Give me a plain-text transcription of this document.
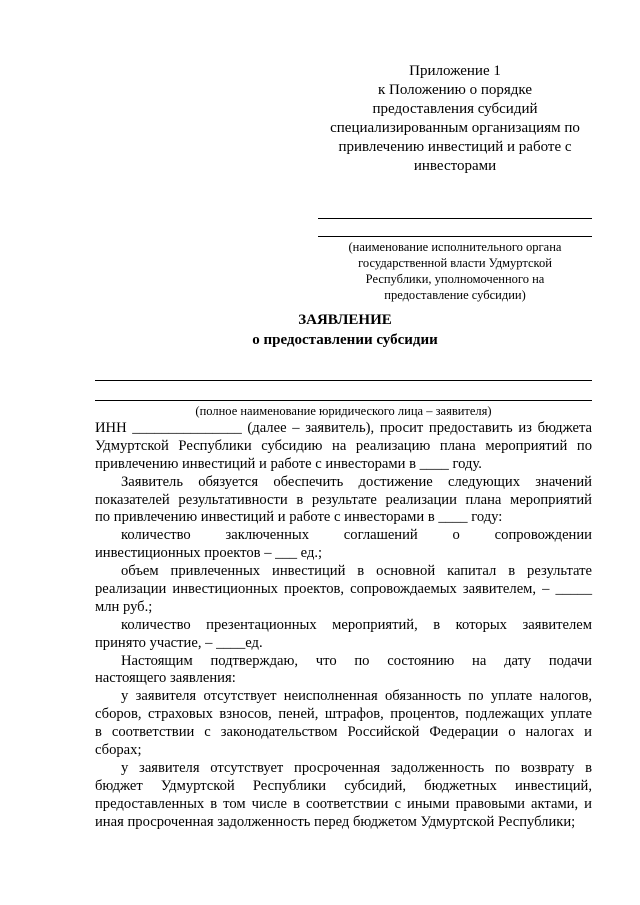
Приложение 1
к Положению о порядке
предоставления субсидий
специализированным организациям по
привлечению инвестиций и работе с
инвесторами
(наименование исполнительного органа
государственной власти Удмуртской
Республики, уполномоченного на
предоставление субсидии)
ЗАЯВЛЕНИЕ
о предоставлении субсидии
(полное наименование юридического лица – заявителя)
ИНН _______________ (далее – заявитель), просит предоставить из бюджета
Удмуртской Республики субсидию на реализацию плана мероприятий по
привлечению инвестиций и работе с инвесторами в ____ году.
Заявитель обязуется обеспечить достижение следующих значений
показателей результативности в результате реализации плана мероприятий
по привлечению инвестиций и работе с инвесторами в ____ году:
количество заключенных соглашений о сопровождении
инвестиционных проектов – ___ ед.;
объем привлеченных инвестиций в основной капитал в результате
реализации инвестиционных проектов, сопровождаемых заявителем, – _____
млн руб.;
количество презентационных мероприятий, в которых заявителем
принято участие, – ____ед.
Настоящим подтверждаю, что по состоянию на дату подачи
настоящего заявления:
у заявителя отсутствует неисполненная обязанность по уплате налогов,
сборов, страховых взносов, пеней, штрафов, процентов, подлежащих уплате
в соответствии с законодательством Российской Федерации о налогах и
сборах;
у заявителя отсутствует просроченная задолженность по возврату в
бюджет Удмуртской Республики субсидий, бюджетных инвестиций,
предоставленных в том числе в соответствии с иными правовыми актами, и
иная просроченная задолженность перед бюджетом Удмуртской Республики;
